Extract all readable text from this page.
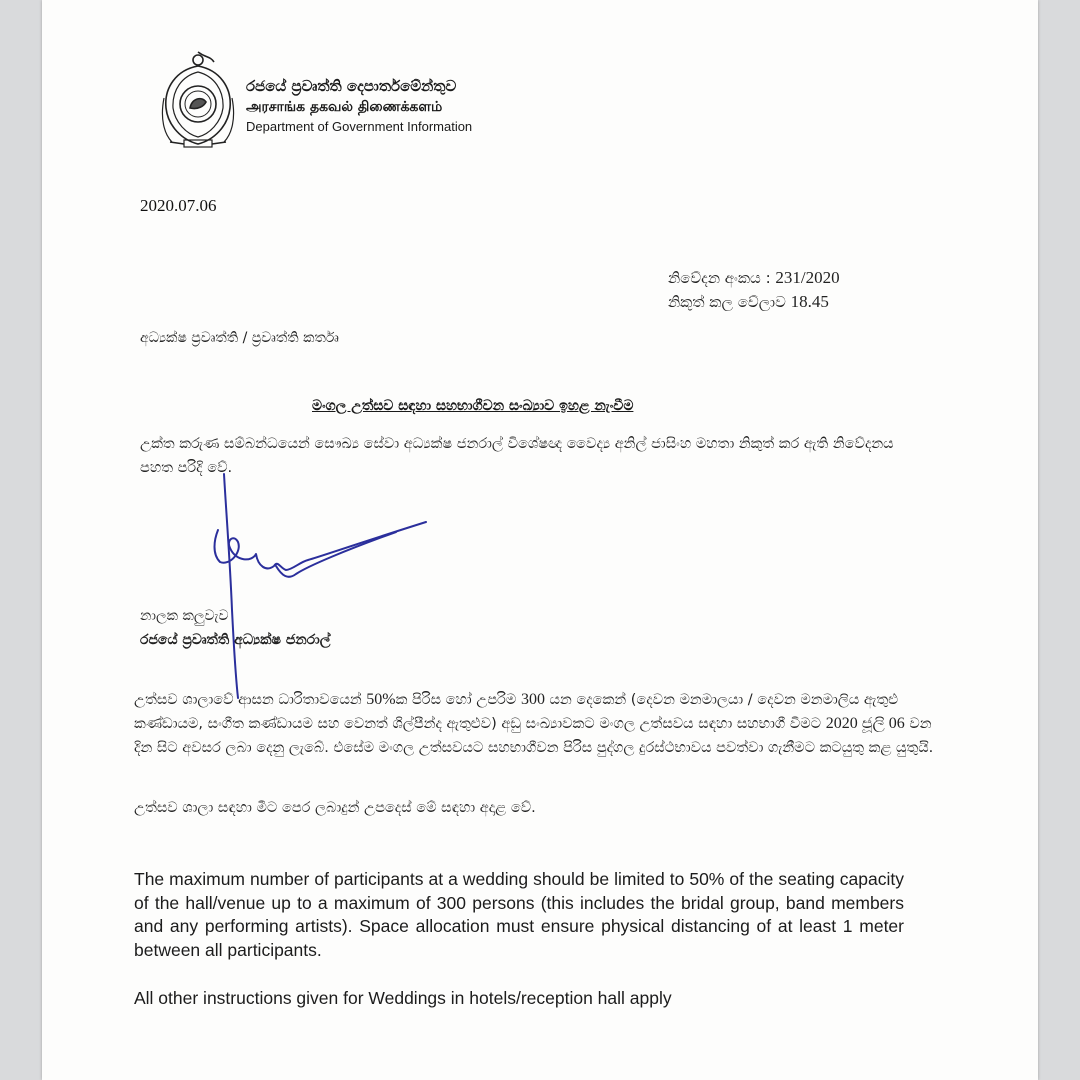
රජයේ ප්‍රවෘත්ති දෙපාර්තමේන්තුව
அரசாங்க தகவல் திணைக்களம்
Department of Government Information
2020.07.06
නිවේදන අංකය : 231/2020
නිකුත් කල වේලාව 18.45
අධ්‍යක්ෂ ප්‍රවෘත්ති / ප්‍රවෘත්ති කර්තෘ
මංගල උත්සව සඳහා සහභාගීවන සංඛ්‍යාව ඉහළ නැංවීම
උක්ත කරුණ සම්බන්ධයෙන් සෞඛ්‍ය සේවා අධ්‍යක්ෂ ජනරාල් විශේෂඥ වෛද්‍ය අනිල් ජාසිංහ මහතා නිකුත් කර ඇති නිවේදනය පහත පරිදි වේ.
නාලක කලුවැව
රජයේ ප්‍රවෘත්ති අධ්‍යක්ෂ ජනරාල්
උත්සව ශාලාවේ ආසන ධාරිතාවයෙන් 50%ක පිරිස හෝ උපරිම 300 යන දෙකෙන් (දෙවන මනමාලයා / දෙවන මනමාලිය ඇතුළු කණ්ඩායම, සංගීත කණ්ඩායම සහ වෙනත් ශිල්පීන්ද ඇතුළුව) අඩු සංඛ්‍යාවකට මංගල උත්සවය සඳහා සහභාගී වීමට 2020 ජූලි 06 වන දින සිට අවසර ලබා දෙනු ලැබේ. එසේම මංගල උත්සවයට සහභාගීවන පිරිස පුද්ගල දුරස්ථභාවය පවත්වා ගැනීමට කටයුතු කළ යුතුයි.
උත්සව ශාලා සඳහා මීට පෙර ලබාදුන් උපදෙස් මේ සඳහා අදාළ වේ.
The maximum number of participants at a wedding should be limited to 50% of the seating capacity of the hall/venue up to a maximum of 300 persons (this includes the bridal group, band members and any performing artists). Space allocation must ensure physical distancing of at least 1 meter between all participants.
All other instructions given for Weddings in hotels/reception hall apply
